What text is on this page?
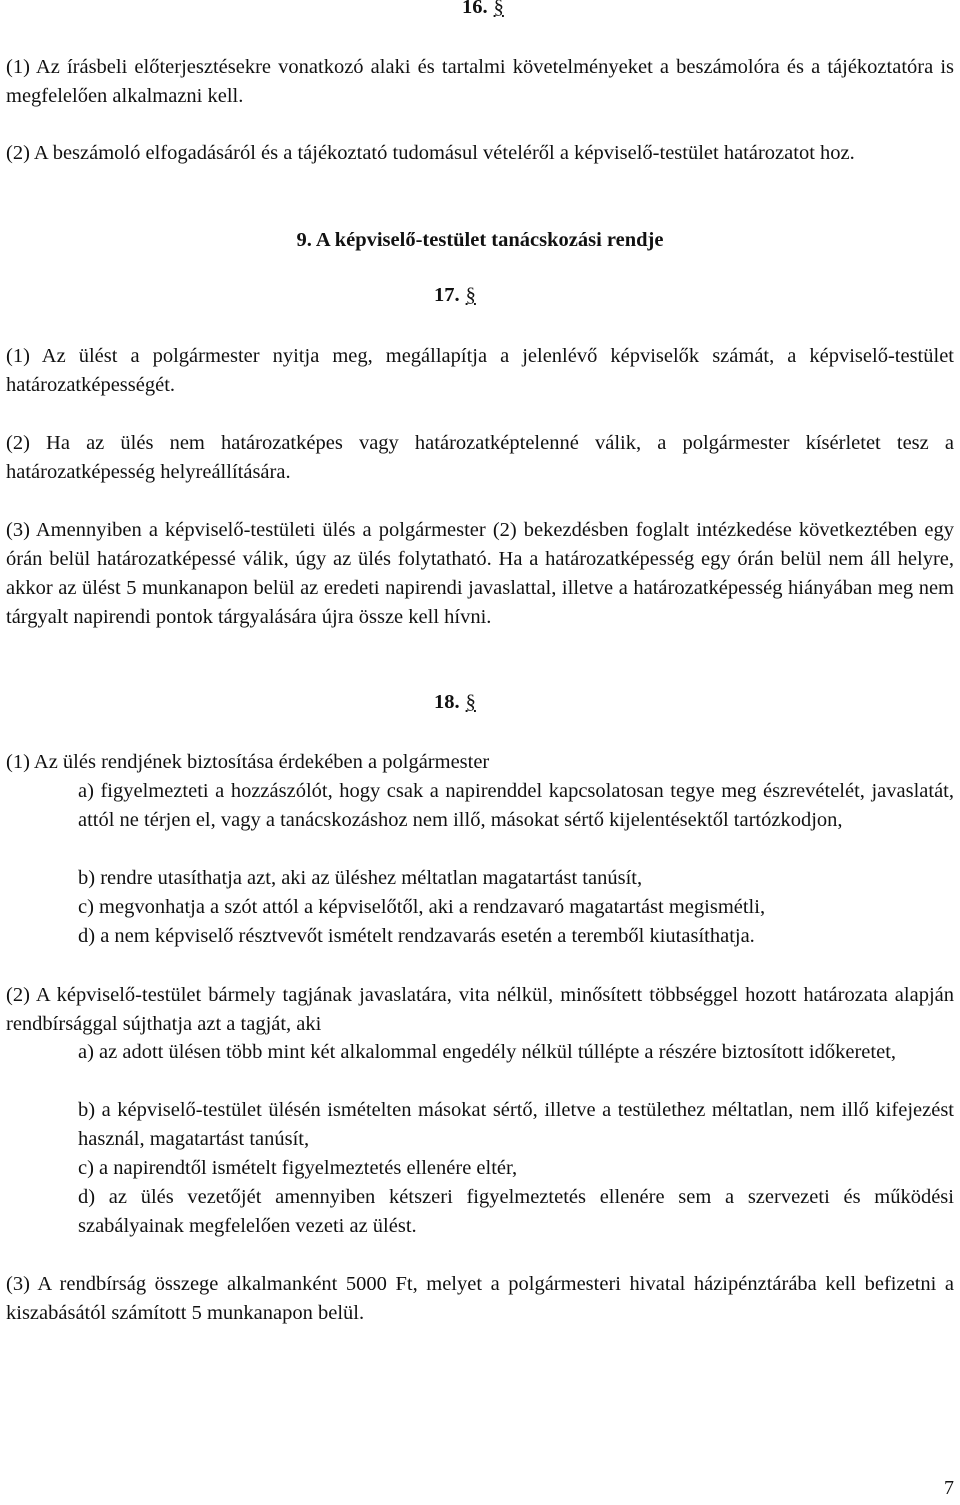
16. §

(1) Az írásbeli előterjesztésekre vonatkozó alaki és tartalmi követelményeket a beszámolóra és a tájékoztatóra is megfelelően alkalmazni kell.

(2) A beszámoló elfogadásáról és a tájékoztató tudomásul vételéről a képviselő-testület határozatot hoz.

9. A képviselő-testület tanácskozási rendje
17. §

(1) Az ülést a polgármester nyitja meg, megállapítja a jelenlévő képviselők számát, a képviselő-testület határozatképességét.

(2) Ha az ülés nem határozatképes vagy határozatképtelenné válik, a polgármester kísérletet tesz a határozatképesség helyreállítására.

(3) Amennyiben a képviselő-testületi ülés a polgármester (2) bekezdésben foglalt intézkedése következtében egy órán belül határozatképessé válik, úgy az ülés folytatható. Ha a határozatképesség egy órán belül nem áll helyre, akkor az ülést 5 munkanapon belül az eredeti napirendi javaslattal, illetve a határozatképesség hiányában meg nem tárgyalt napirendi pontok tárgyalására újra össze kell hívni.

18. §

(1) Az ülés rendjének biztosítása érdekében a polgármester

a) figyelmezteti a hozzászólót, hogy csak a napirenddel kapcsolatosan tegye meg észrevételét, javaslatát, attól ne térjen el, vagy a tanácskozáshoz nem illő, másokat sértő kijelentésektől tartózkodjon,
b) rendre utasíthatja azt, aki az üléshez méltatlan magatartást tanúsít,
c) megvonhatja a szót attól a képviselőtől, aki a rendzavaró magatartást megismétli,
d) a nem képviselő résztvevőt ismételt rendzavarás esetén a teremből kiutasíthatja.

(2) A képviselő-testület bármely tagjának javaslatára, vita nélkül, minősített többséggel hozott határozata alapján rendbírsággal sújthatja azt a tagját, aki

a) az adott ülésen több mint két alkalommal engedély nélkül túllépte a részére biztosított időkeretet,
b) a képviselő-testület ülésén ismételten másokat sértő, illetve a testülethez méltatlan, nem illő kifejezést használ, magatartást tanúsít,
c) a napirendtől ismételt figyelmeztetés ellenére eltér,
d) az ülés vezetőjét amennyiben kétszeri figyelmeztetés ellenére sem a szervezeti és működési szabályainak megfelelően vezeti az ülést.

(3) A rendbírság összege alkalmanként 5000 Ft, melyet a polgármesteri hivatal házipénztárába kell befizetni a kiszabásától számított 5 munkanapon belül.

7
